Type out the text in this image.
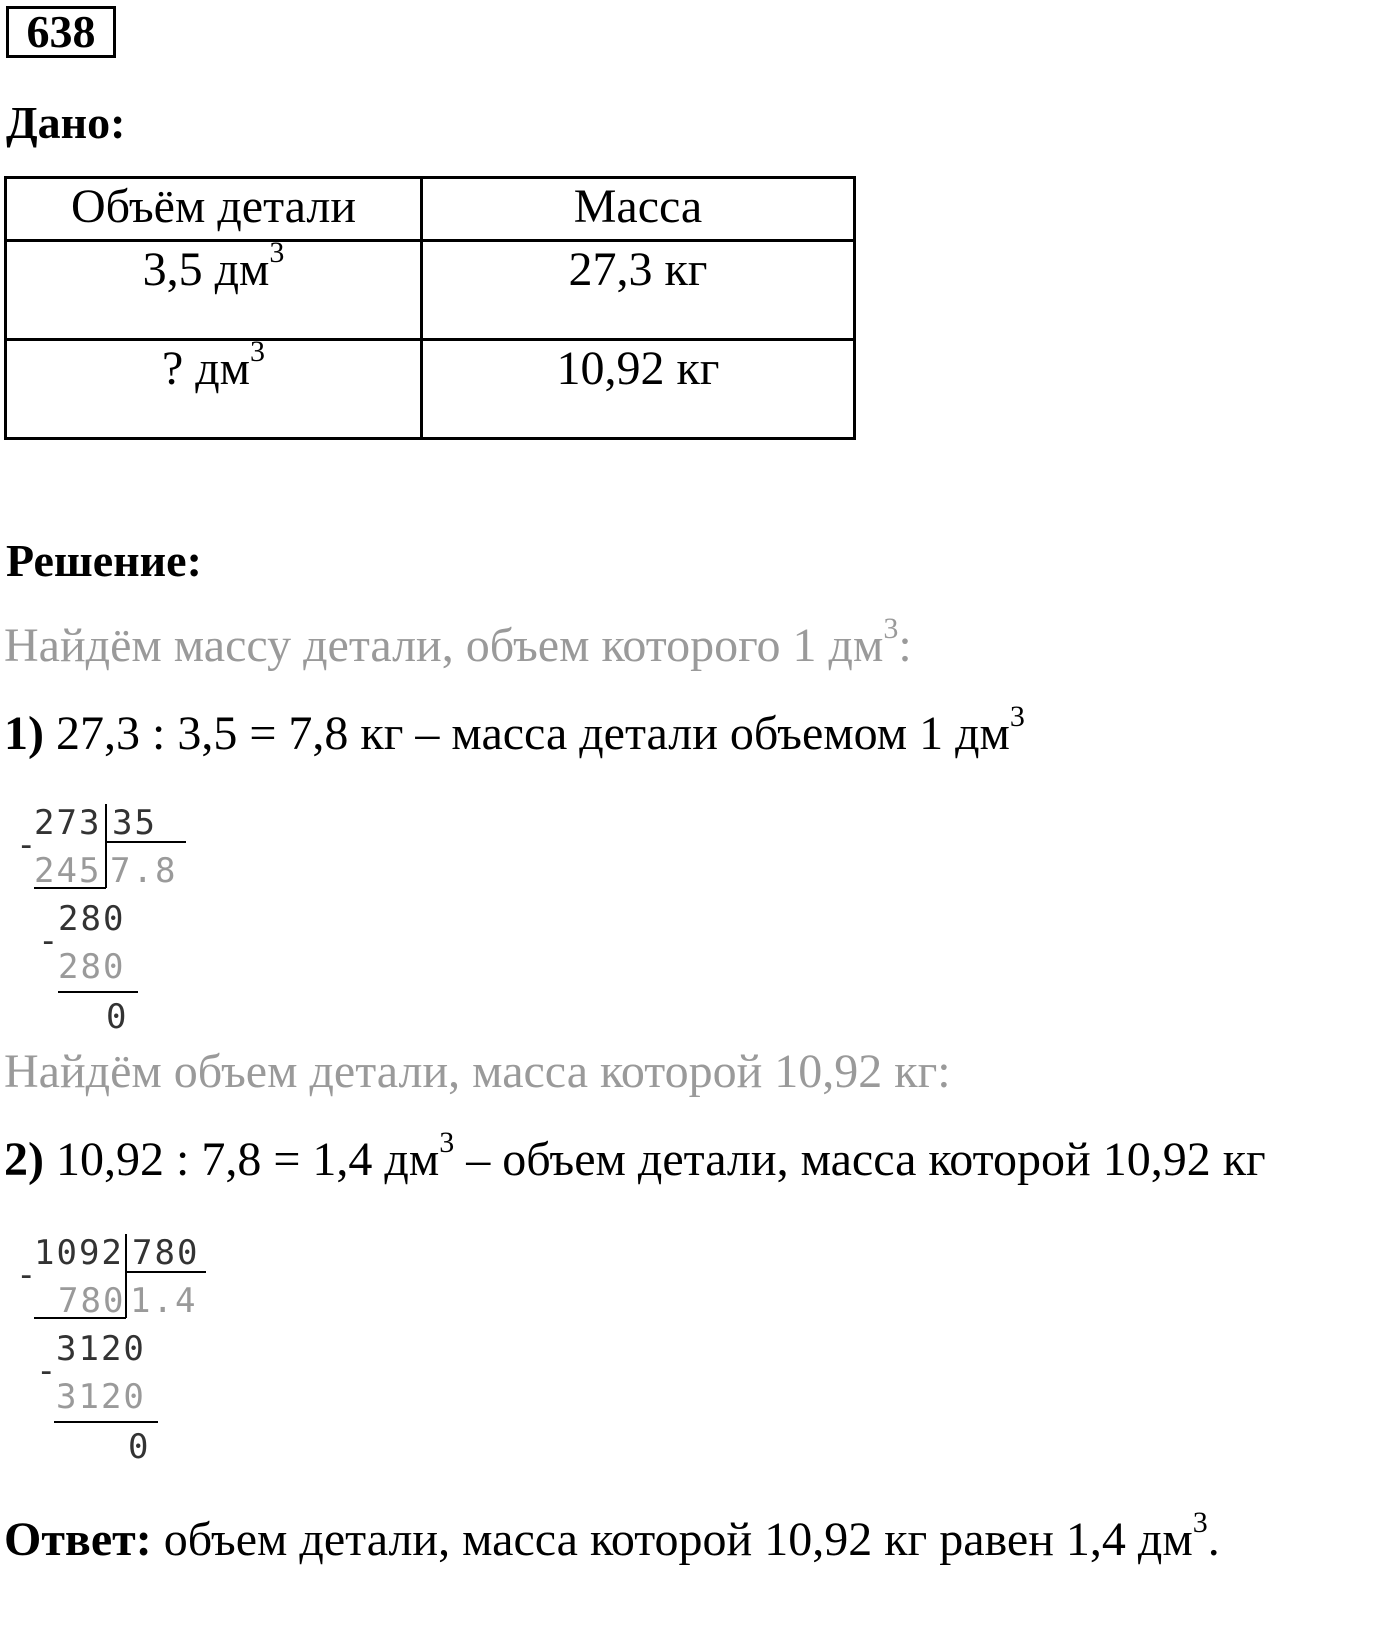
638
Дано:
Объём детали	Масса
3,5 $дм^3$	27,3 кг
? $дм^3$	10,92 кг
Решение:
Найдём массу детали, объем которого 1 $дм^3$:
1) 27,3 : 3,5 = 7,8 кг – масса детали объемом 1 $дм^3$
273 35
-
245 7.8
280
-
280
0
Найдём объем детали, масса которой 10,92 кг:
2) 10,92 : 7,8 = 1,4 $дм^3$ – объем детали, масса которой 10,92 кг
1092 780
-
780 1.4
3120
-
3120
0
Ответ: объем детали, масса которой 10,92 кг равен 1,4 $дм^3$.
